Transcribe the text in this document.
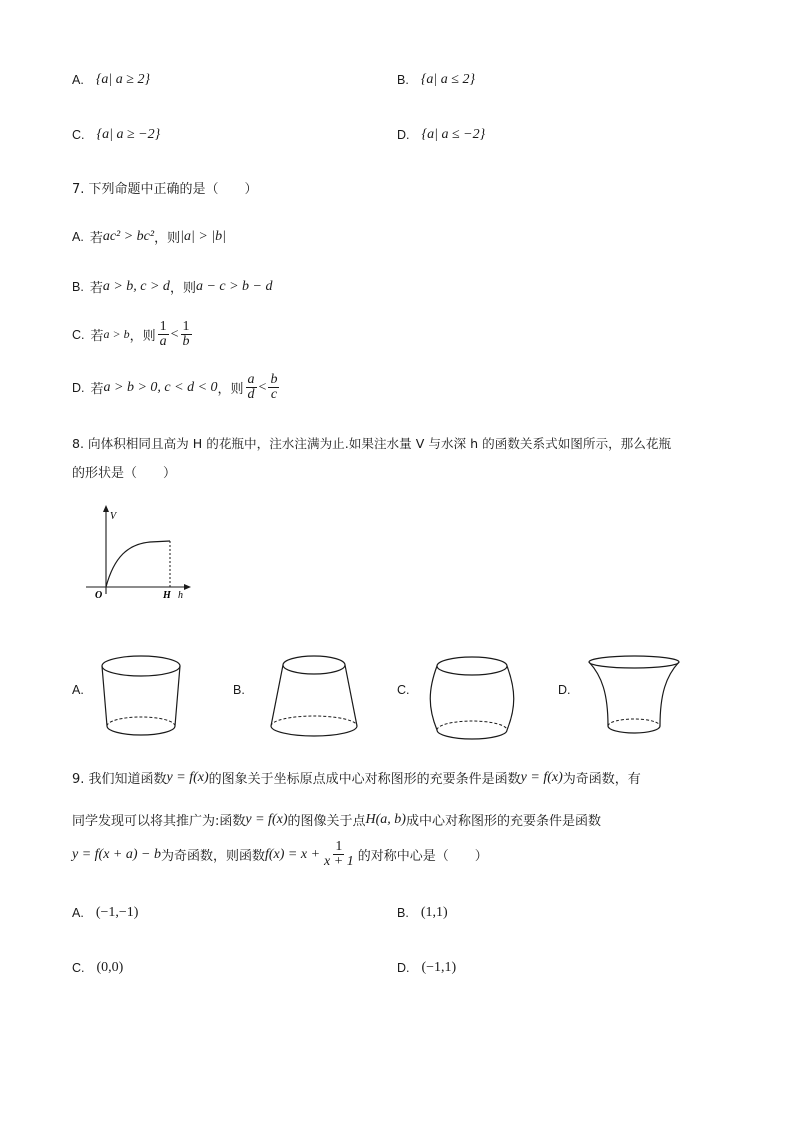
A. {a| a ≥ 2}	B. {a| a ≤ 2}
C. {a| a ≥ −2}	D. {a| a ≤ −2}
7. 下列命题中正确的是（　　）
A. 若 ac² > bc² ，则 |a| > |b|
B. 若 a > b, c > d ，则 a − c > b − d
C. 若 a > b ，则 $\frac{1}{a} < \frac{1}{b}$
D. 若 a > b > 0, c < d < 0 ，则 $\frac{a}{d} < \frac{b}{c}$
8. 向体积相同且高为 H 的花瓶中，注水注满为止.如果注水量 V 与水深 h 的函数关系式如图所示，那么花瓶
的形状是（　　）
V
O	H h
A.	B.	C.	D.
9. 我们知道函数 y = f(x) 的图象关于坐标原点成中心对称图形的充要条件是函数 y = f(x) 为奇函数，有
同学发现可以将其推广为:函数 y = f(x) 的图像关于点 H(a, b) 成中心对称图形的充要条件是函数
y = f(x + a) − b 为奇函数，则函数 $f(x) = x + \frac{1}{x + 1}$ 的对称中心是（　　）
A. (−1,−1)	B. (1,1)
C. (0,0)	D. (−1,1)
